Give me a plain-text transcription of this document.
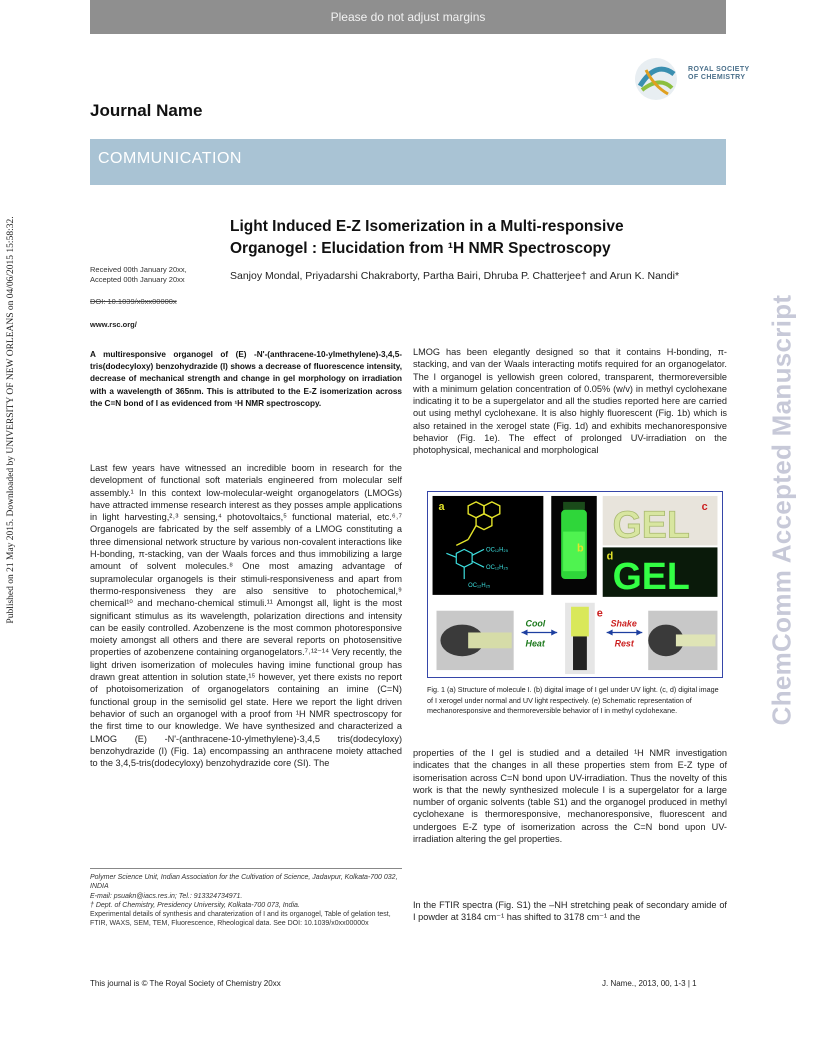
Please do not adjust margins
Published on 21 May 2015. Downloaded by UNIVERSITY OF NEW ORLEANS on 04/06/2015 15:58:32.	ChemComm Accepted Manuscript
ROYAL SOCIETY
OF CHEMISTRY
Journal Name
COMMUNICATION
Light Induced E-Z Isomerization in a Multi-responsive
Organogel : Elucidation from ¹H NMR Spectroscopy
Received 00th January 20xx,
Accepted 00th January 20xx	Sanjoy Mondal, Priyadarshi Chakraborty, Partha Bairi, Dhruba P. Chatterjee† and Arun K. Nandi*
DOI: 10.1039/x0xx00000x
www.rsc.org/
A multiresponsive organogel of (E) -N'-(anthracene-10-ylmethylene)-3,4,5-tris(dodecyloxy) benzohydrazide (I) shows a decrease of fluorescence intensity, decrease of mechanical strength and change in gel morphology on irradiation with a wavelength of 365nm. This is attributed to the E-Z isomerization across the C=N bond of I as evidenced from ¹H NMR spectroscopy.
Last few years have witnessed an incredible boom in research for the development of functional soft materials engineered from molecular self assembly.¹ In this context low-molecular-weight organogelators (LMOGs) have attracted immense research interest as they posses ample applications in light harvesting,²˒³ sensing,⁴ photovoltaics,⁵ functional material, etc.⁶˒⁷ Organogels are fabricated by the self assembly of a LMOG constituting a three dimensional network structure by various non-covalent interactions like H-bonding, π-stacking, van der Waals forces and thus immobilizing a large amount of solvent molecules.⁸ One most amazing advantage of supramolecular organogels is their stimuli-responsiveness and apart from thermo-responsiveness they are also sensitive to photochemical,⁹ chemical¹⁰ and mechano-chemical stimuli.¹¹ Amongst all, light is the most significant stimulus as its wavelength, polarization directions and intensity can be easily controlled. Azobenzene is the most common photoresponsive moiety amongst all others and there are several reports on photosensitive properties of azobenzene containing organogelators.⁷˒¹²⁻¹⁴ Very recently, the light driven isomerization of molecules having imine functional group has drawn great attention in solution state,¹⁵ however, yet there exists no report of photoisomerization of organogelators containing an imine (C=N) functional group in the semisolid gel state. Here we report the light driven behavior of such an organogel with a proof from ¹H NMR spectroscopy for the first time to our knowledge. We have synthesized and characterized a LMOG (E) -N'-(anthracene-10-ylmethylene)-3,4,5 tris(dodecyloxy) benzohydrazide (I) (Fig. 1a) encompassing an anthracene moiety attached to the 3,4,5-tris(dodecyloxy) benzohydrazide core (SI). The
LMOG has been elegantly designed so that it contains H-bonding, π-stacking, and van der Waals interacting motifs required for an organogelator. The I organogel is yellowish green colored, transparent, thermoreversible with a minimum gelation concentration of 0.05% (w/v) in methyl cyclohexane indicating it to be a supergelator and all the studies reported here are carried out using methyl cyclohexane. It is also highly fluorescent (Fig. 1b) which is also retained in the xerogel state (Fig. 1d) and exhibits mechanoresponsive behavior (Fig. 1e). The effect of prolonged UV-irradiation on the photophysical, mechanical and morphological
OC₁₂H₂₅
OC₁₂H₂₅
OC₁₂H₂₅
a
b
GEL c
GEL
d
Cool
Heat
e
Shake
Rest
Fig. 1 (a) Structure of molecule I. (b) digital image of I gel under UV light. (c, d) digital image of I xerogel under normal and UV light respectively. (e) Schematic representation of mechanoresponsive and thermoreversible behavior of I in methyl cyclohexane.
properties of the I gel is studied and a detailed ¹H NMR investigation indicates that the changes in all these properties stem from E-Z type of isomerisation across C=N bond upon UV-irradiation. Thus the novelty of this work is that the newly synthesized molecule I is a supergelator for a large number of organic solvents (table S1) and the organogel produced in methyl cyclohexane is thermoresponsive, mechanoresponsive, fluorescent and undergoes E-Z type of isomerization across the C=N bond upon UV-irradiation altering the gel properties.
In the FTIR spectra (Fig. S1) the –NH stretching peak of secondary amide of I powder at 3184 cm⁻¹ has shifted to 3178 cm⁻¹ and the
Polymer Science Unit, Indian Association for the Cultivation of Science, Jadavpur, Kolkata-700 032, INDIA
E-mail: psuakn@iacs.res.in; Tel.: 913324734971.
† Dept. of Chemistry, Presidency University, Kolkata-700 073, India.
Experimental details of synthesis and charaterization of I and its organogel, Table of gelation test, FTIR, WAXS, SEM, TEM, Fluorescence, Rheological data. See DOI: 10.1039/x0xx00000x
This journal is © The Royal Society of Chemistry 20xx	J. Name., 2013, 00, 1-3 | 1
